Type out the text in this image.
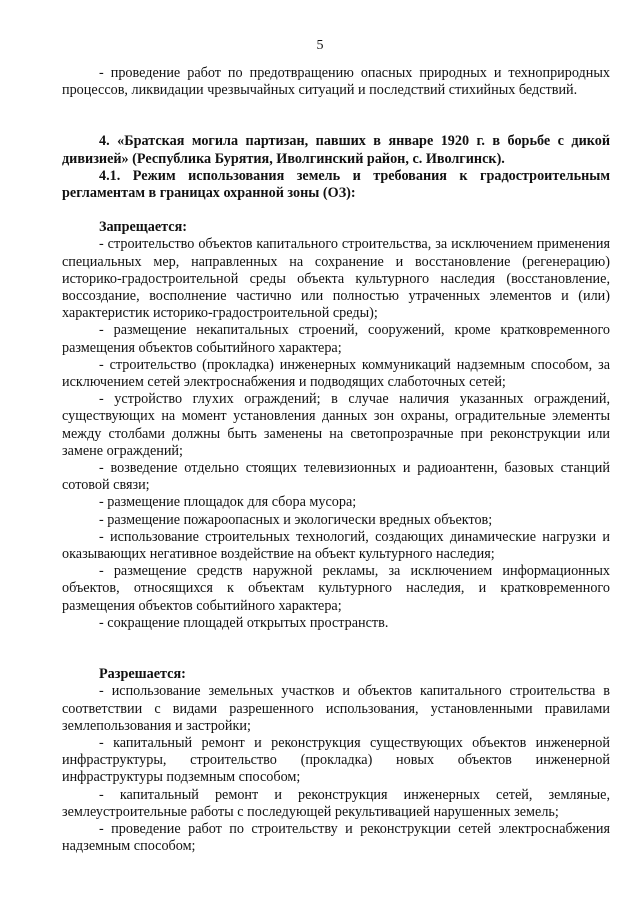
5

- проведение работ по предотвращению опасных природных и техноприродных процессов, ликвидации чрезвычайных ситуаций и последствий стихийных бедствий.

4. «Братская могила партизан, павших в январе 1920 г. в борьбе с дикой дивизией» (Республика Бурятия, Иволгинский район, с. Иволгинск).

4.1. Режим использования земель и требования к градостроительным регламентам в границах охранной зоны (ОЗ):

Запрещается:

- строительство объектов капитального строительства, за исключением применения специальных мер, направленных на сохранение и восстановление (регенерацию) историко-градостроительной среды объекта культурного наследия (восстановление, воссоздание, восполнение частично или полностью утраченных элементов и (или) характеристик историко-градостроительной среды);

- размещение некапитальных строений, сооружений, кроме кратковременного размещения объектов событийного характера;

- строительство (прокладка) инженерных коммуникаций надземным способом, за исключением сетей электроснабжения и подводящих слаботочных сетей;

- устройство глухих ограждений; в случае наличия указанных ограждений, существующих на момент установления данных зон охраны, оградительные элементы между столбами должны быть заменены на светопрозрачные при реконструкции или замене ограждений;

- возведение отдельно стоящих телевизионных и радиоантенн, базовых станций сотовой связи;

- размещение площадок для сбора мусора;

- размещение пожароопасных и экологически вредных объектов;

- использование строительных технологий, создающих динамические нагрузки и оказывающих негативное воздействие на объект культурного наследия;

- размещение средств наружной рекламы, за исключением информационных объектов, относящихся к объектам культурного наследия, и кратковременного размещения объектов событийного характера;

- сокращение площадей открытых пространств.

Разрешается:

- использование земельных участков и объектов капитального строительства в соответствии с видами разрешенного использования, установленными правилами землепользования и застройки;

- капитальный ремонт и реконструкция существующих объектов инженерной инфраструктуры, строительство (прокладка) новых объектов инженерной инфраструктуры подземным способом;

- капитальный ремонт и реконструкция инженерных сетей, земляные, землеустроительные работы с последующей рекультивацией нарушенных земель;

- проведение работ по строительству и реконструкции сетей электроснабжения надземным способом;
